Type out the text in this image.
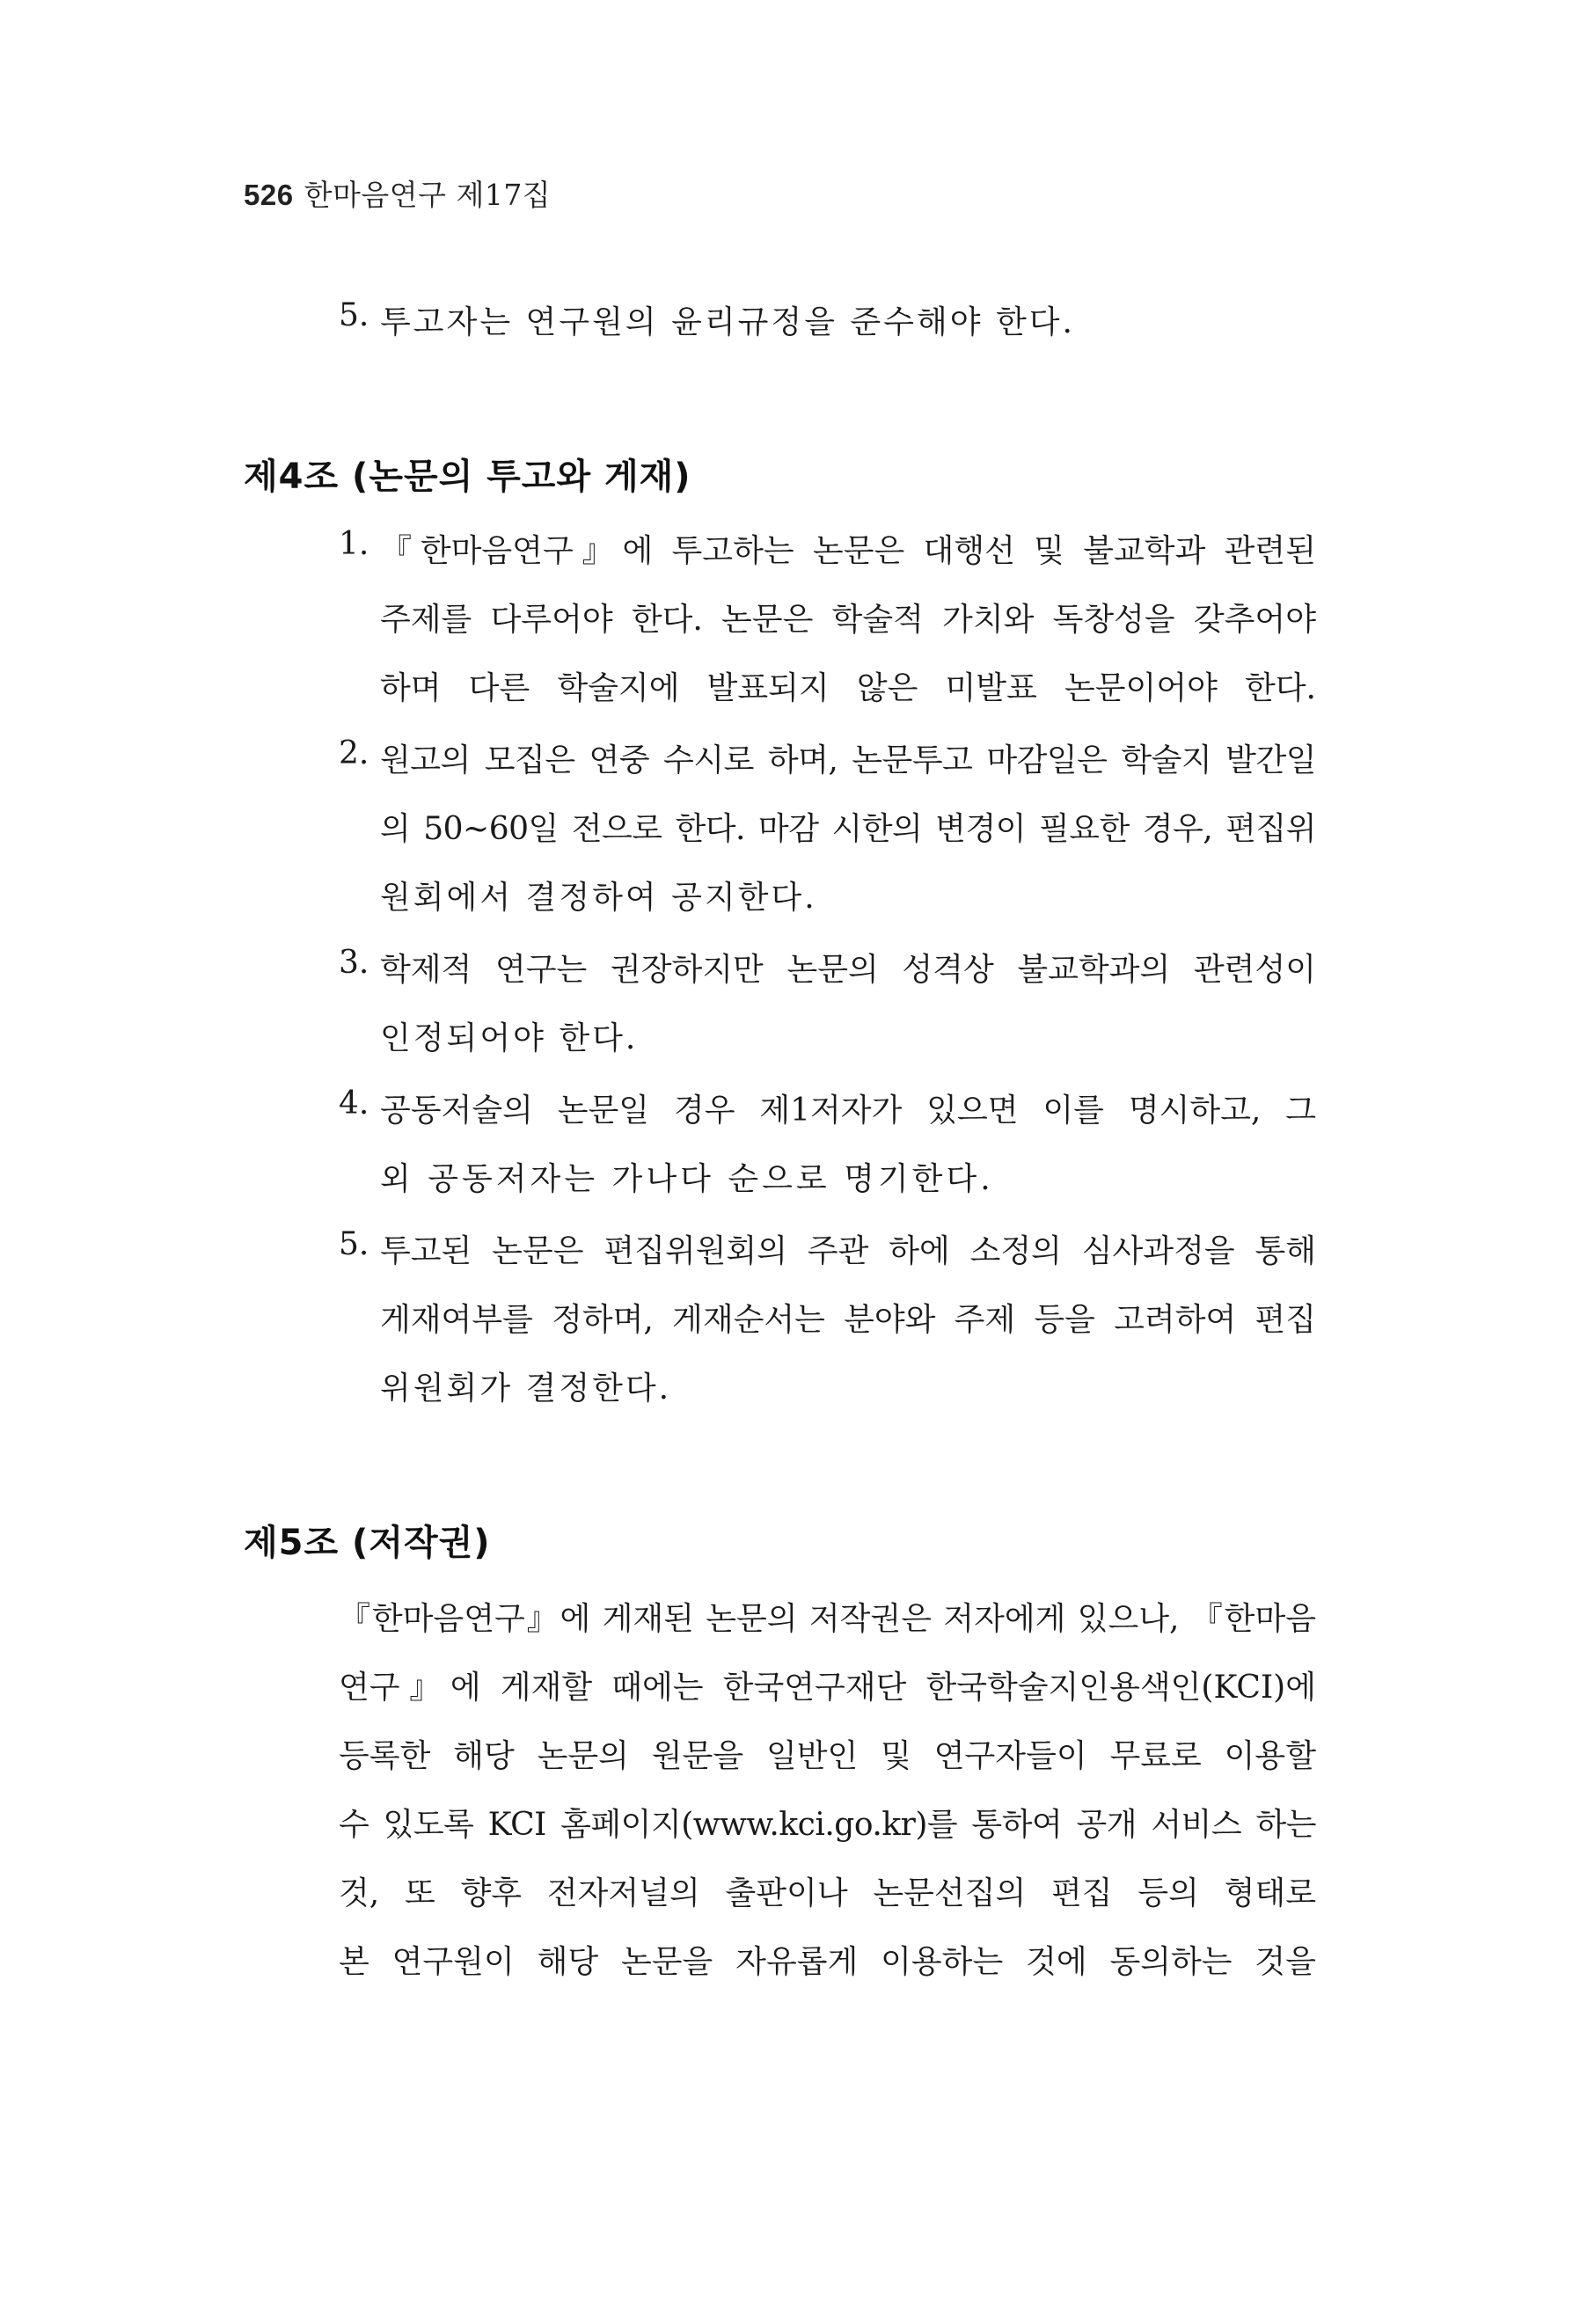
526 한마음연구 제17집
5. 투고자는 연구원의 윤리규정을 준수해야 한다.
제4조 (논문의 투고와 게재)
1. 『한마음연구』에 투고하는 논문은 대행선 및 불교학과 관련된
주제를 다루어야 한다. 논문은 학술적 가치와 독창성을 갖추어야
하며 다른 학술지에 발표되지 않은 미발표 논문이어야 한다.
2. 원고의 모집은 연중 수시로 하며, 논문투고 마감일은 학술지 발간일
의 50~60일 전으로 한다. 마감 시한의 변경이 필요한 경우, 편집위
원회에서 결정하여 공지한다.
3. 학제적 연구는 권장하지만 논문의 성격상 불교학과의 관련성이
인정되어야 한다.
4. 공동저술의 논문일 경우 제1저자가 있으면 이를 명시하고, 그
외 공동저자는 가나다 순으로 명기한다.
5. 투고된 논문은 편집위원회의 주관 하에 소정의 심사과정을 통해
게재여부를 정하며, 게재순서는 분야와 주제 등을 고려하여 편집
위원회가 결정한다.
제5조 (저작권)
『한마음연구』에 게재된 논문의 저작권은 저자에게 있으나, 『한마음
연구』에 게재할 때에는 한국연구재단 한국학술지인용색인(KCI)에
등록한 해당 논문의 원문을 일반인 및 연구자들이 무료로 이용할
수 있도록 KCI 홈페이지(www.kci.go.kr)를 통하여 공개 서비스 하는
것, 또 향후 전자저널의 출판이나 논문선집의 편집 등의 형태로
본 연구원이 해당 논문을 자유롭게 이용하는 것에 동의하는 것을
